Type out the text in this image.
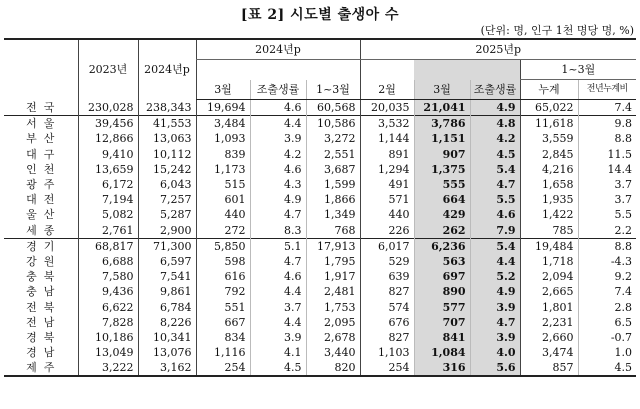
[표 2] 시도별 출생아 수
(단위: 명, 인구 1천 명당 명, %)
	2023년	2024년p	2024년p			2025년p				
									1~3월	
			3월	조출생률	1~3월	2월	3월	조출생률	누계	전년누계비
전국	230,028	238,343	19,694	4.6	60,568	20,035	21,041	4.9	65,022	7.4
서울	39,456	41,553	3,484	4.4	10,586	3,532	3,786	4.8	11,618	9.8
부산	12,866	13,063	1,093	3.9	3,272	1,144	1,151	4.2	3,559	8.8
대구	9,410	10,112	839	4.2	2,551	891	907	4.5	2,845	11.5
인천	13,659	15,242	1,173	4.6	3,687	1,294	1,375	5.4	4,216	14.4
광주	6,172	6,043	515	4.3	1,599	491	555	4.7	1,658	3.7
대전	7,194	7,257	601	4.9	1,866	571	664	5.5	1,935	3.7
울산	5,082	5,287	440	4.7	1,349	440	429	4.6	1,422	5.5
세종	2,761	2,900	272	8.3	768	226	262	7.9	785	2.2
경기	68,817	71,300	5,850	5.1	17,913	6,017	6,236	5.4	19,484	8.8
강원	6,688	6,597	598	4.7	1,795	529	563	4.4	1,718	-4.3
충북	7,580	7,541	616	4.6	1,917	639	697	5.2	2,094	9.2
충남	9,436	9,861	792	4.4	2,481	827	890	4.9	2,665	7.4
전북	6,622	6,784	551	3.7	1,753	574	577	3.9	1,801	2.8
전남	7,828	8,226	667	4.4	2,095	676	707	4.7	2,231	6.5
경북	10,186	10,341	834	3.9	2,678	827	841	3.9	2,660	-0.7
경남	13,049	13,076	1,116	4.1	3,440	1,103	1,084	4.0	3,474	1.0
제주	3,222	3,162	254	4.5	820	254	316	5.6	857	4.5
